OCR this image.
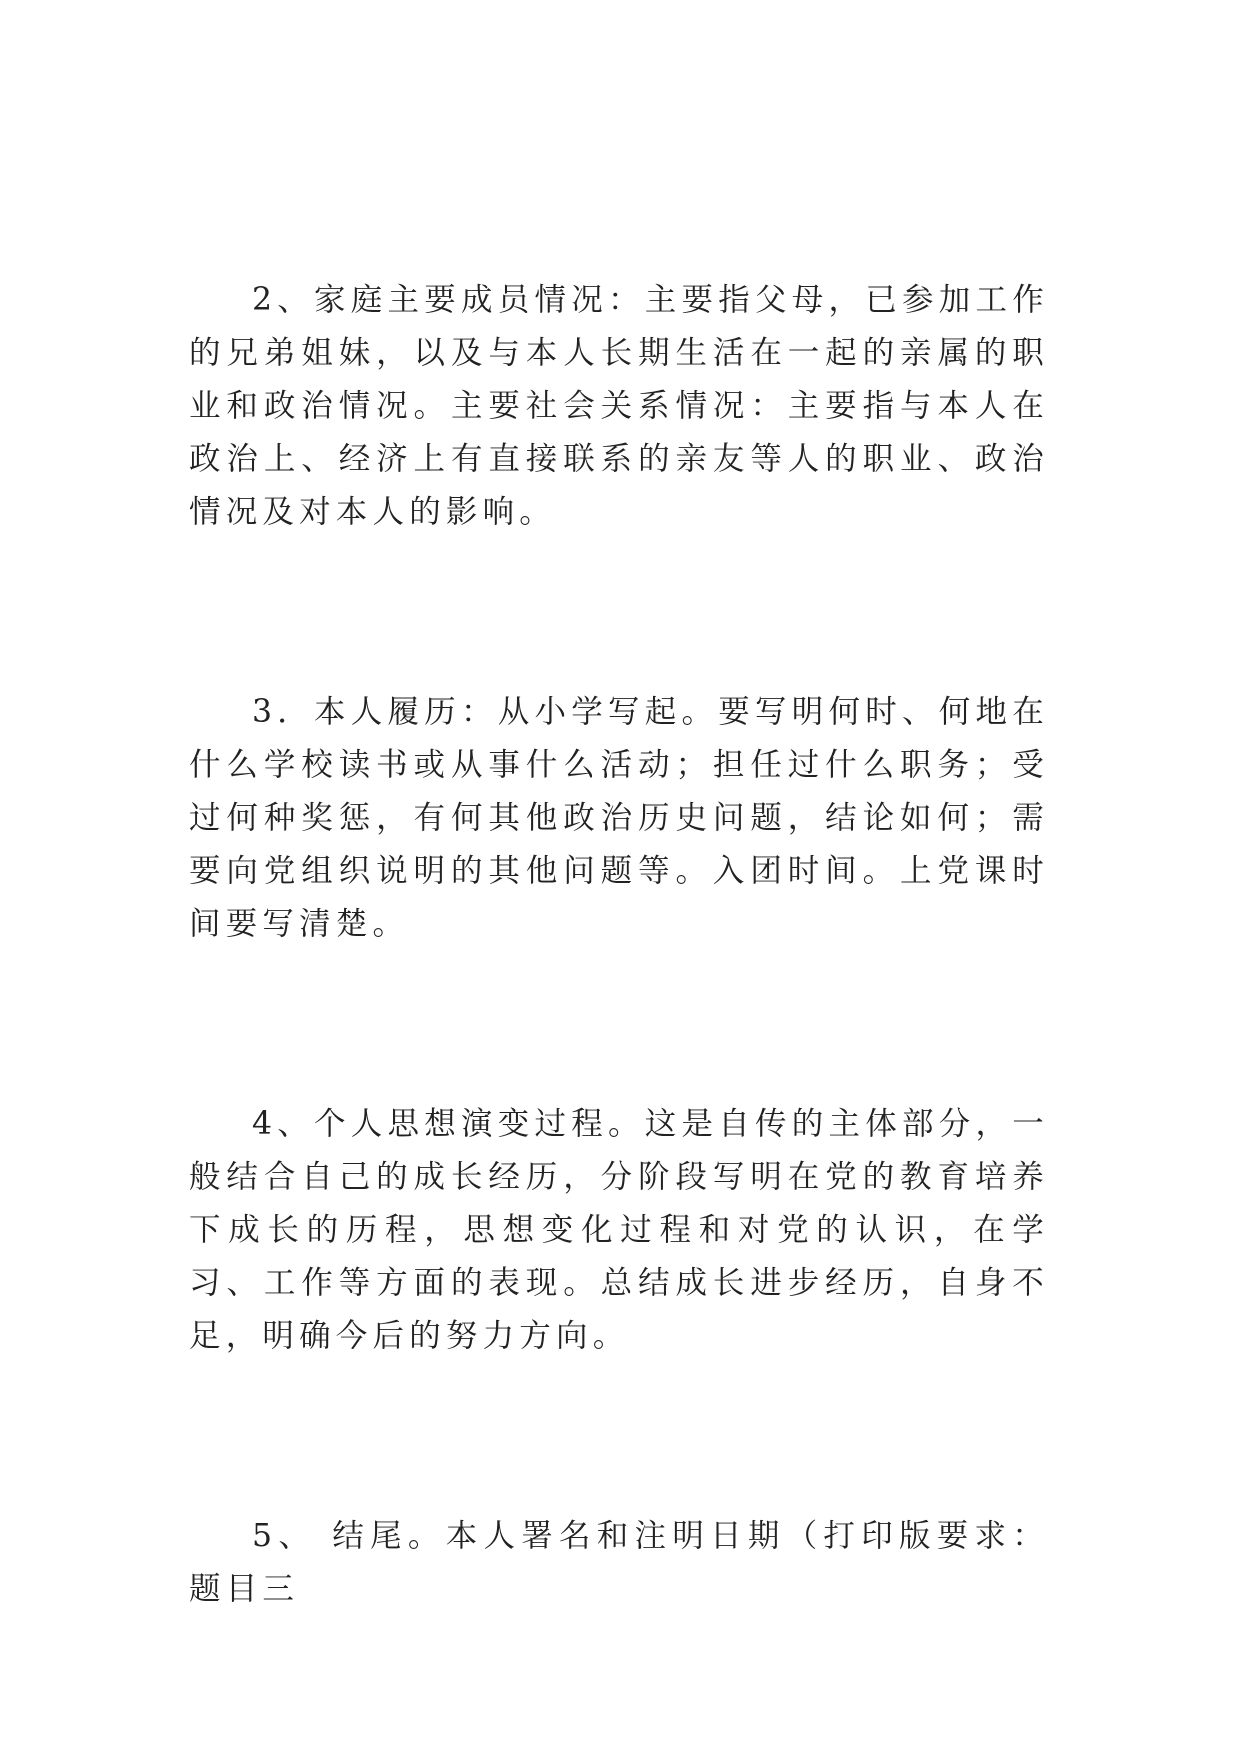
2、家庭主要成员情况：主要指父母，已参加工作的兄弟姐妹，以及与本人长期生活在一起的亲属的职业和政治情况。主要社会关系情况：主要指与本人在政治上、经济上有直接联系的亲友等人的职业、政治情况及对本人的影响。

3．本人履历：从小学写起。要写明何时、何地在什么学校读书或从事什么活动；担任过什么职务；受过何种奖惩，有何其他政治历史问题，结论如何；需要向党组织说明的其他问题等。入团时间。上党课时间要写清楚。

4、个人思想演变过程。这是自传的主体部分，一般结合自己的成长经历，分阶段写明在党的教育培养下成长的历程，思想变化过程和对党的认识，在学习、工作等方面的表现。总结成长进步经历，自身不足，明确今后的努力方向。

5、 结尾。本人署名和注明日期（打印版要求：题目三
